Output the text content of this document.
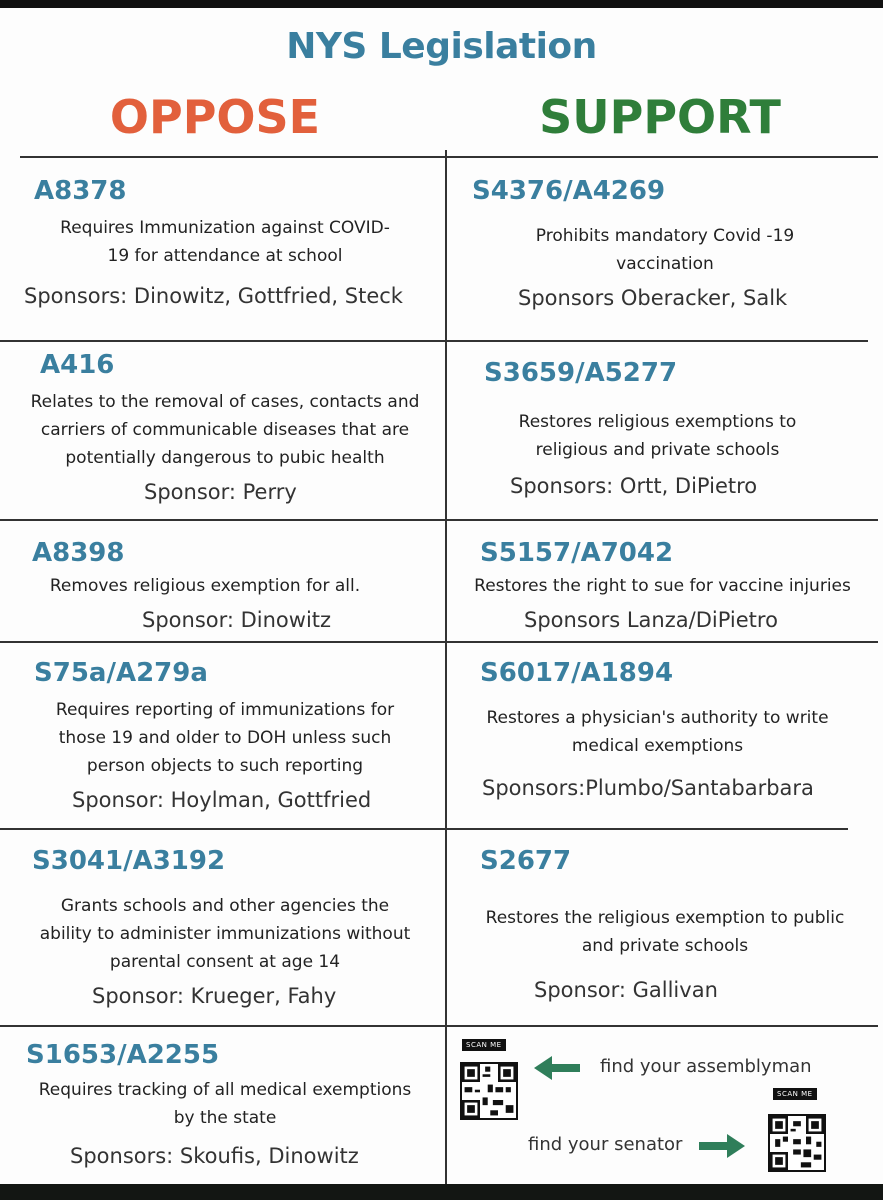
NYS Legislation
OPPOSE	SUPPORT
A8378
Requires Immunization against COVID-
19 for attendance at school
Sponsors: Dinowitz, Gottfried, Steck
S4376/A4269
Prohibits mandatory Covid -19
vaccination
Sponsors Oberacker, Salk
A416
Relates to the removal of cases, contacts and
carriers of communicable diseases that are
potentially dangerous to pubic health
Sponsor: Perry
S3659/A5277
Restores religious exemptions to
religious and private schools
Sponsors: Ortt, DiPietro
A8398
Removes religious exemption for all.
Sponsor: Dinowitz
S5157/A7042
Restores the right to sue for vaccine injuries
Sponsors Lanza/DiPietro
S75a/A279a
Requires reporting of immunizations for
those 19 and older to DOH unless such
person objects to such reporting
Sponsor: Hoylman, Gottfried
S6017/A1894
Restores a physician's authority to write
medical exemptions
Sponsors:Plumbo/Santabarbara
S3041/A3192
Grants schools and other agencies the
ability to administer immunizations without
parental consent at age 14
Sponsor: Krueger, Fahy
S2677
Restores the religious exemption to public
and private schools
Sponsor: Gallivan
S1653/A2255
Requires tracking of all medical exemptions
by the state
Sponsors: Skoufis, Dinowitz
SCAN ME
find your assemblyman
SCAN ME
find your senator
